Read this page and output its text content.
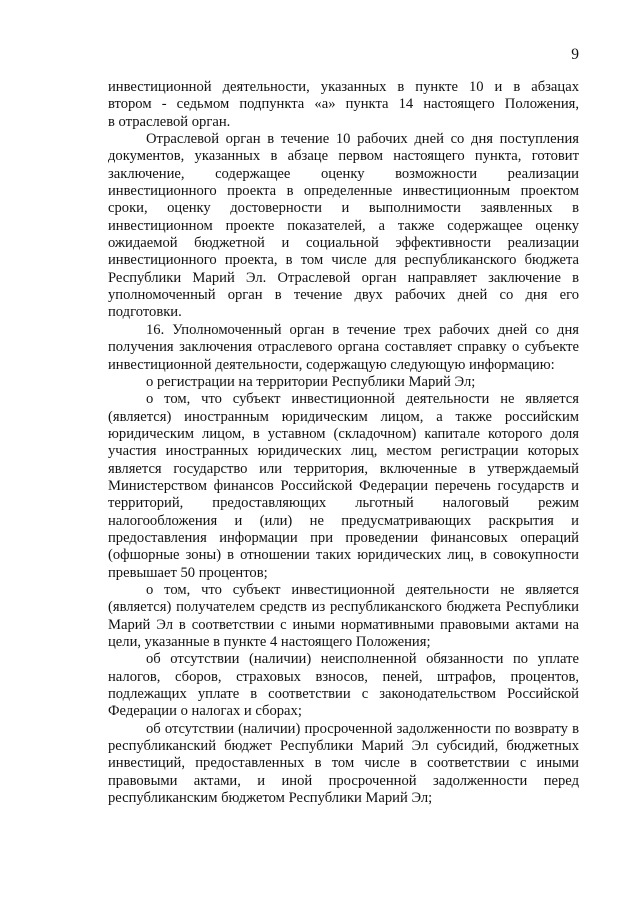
9

инвестиционной деятельности, указанных в пункте 10 и в абзацах
втором - седьмом подпункта «а» пункта 14 настоящего Положения,
в отраслевой орган.

Отраслевой орган в течение 10 рабочих дней со дня поступления документов, указанных в абзаце первом настоящего пункта, готовит заключение, содержащее оценку возможности реализации инвестиционного проекта в определенные инвестиционным проектом сроки, оценку достоверности и выполнимости заявленных в инвестиционном проекте показателей, а также содержащее оценку ожидаемой бюджетной и социальной эффективности реализации инвестиционного проекта, в том числе для республиканского бюджета Республики Марий Эл. Отраслевой орган направляет заключение в уполномоченный орган в течение двух рабочих дней со дня его подготовки.

16. Уполномоченный орган в течение трех рабочих дней со дня получения заключения отраслевого органа составляет справку о субъекте инвестиционной деятельности, содержащую следующую информацию:

о регистрации на территории Республики Марий Эл;

о том, что субъект инвестиционной деятельности не является (является) иностранным юридическим лицом, а также российским юридическим лицом, в уставном (складочном) капитале которого доля участия иностранных юридических лиц, местом регистрации которых является государство или территория, включенные в утверждаемый Министерством финансов Российской Федерации перечень государств и территорий, предоставляющих льготный налоговый режим налогообложения и (или) не предусматривающих раскрытия и предоставления информации при проведении финансовых операций (офшорные зоны) в отношении таких юридических лиц, в совокупности превышает 50 процентов;

о том, что субъект инвестиционной деятельности не является (является) получателем средств из республиканского бюджета Республики Марий Эл в соответствии с иными нормативными правовыми актами на цели, указанные в пункте 4 настоящего Положения;

об отсутствии (наличии) неисполненной обязанности по уплате налогов, сборов, страховых взносов, пеней, штрафов, процентов, подлежащих уплате в соответствии с законодательством Российской Федерации о налогах и сборах;

об отсутствии (наличии) просроченной задолженности по возврату в республиканский бюджет Республики Марий Эл субсидий, бюджетных инвестиций, предоставленных в том числе в соответствии с иными правовыми актами, и иной просроченной задолженности перед республиканским бюджетом Республики Марий Эл;
